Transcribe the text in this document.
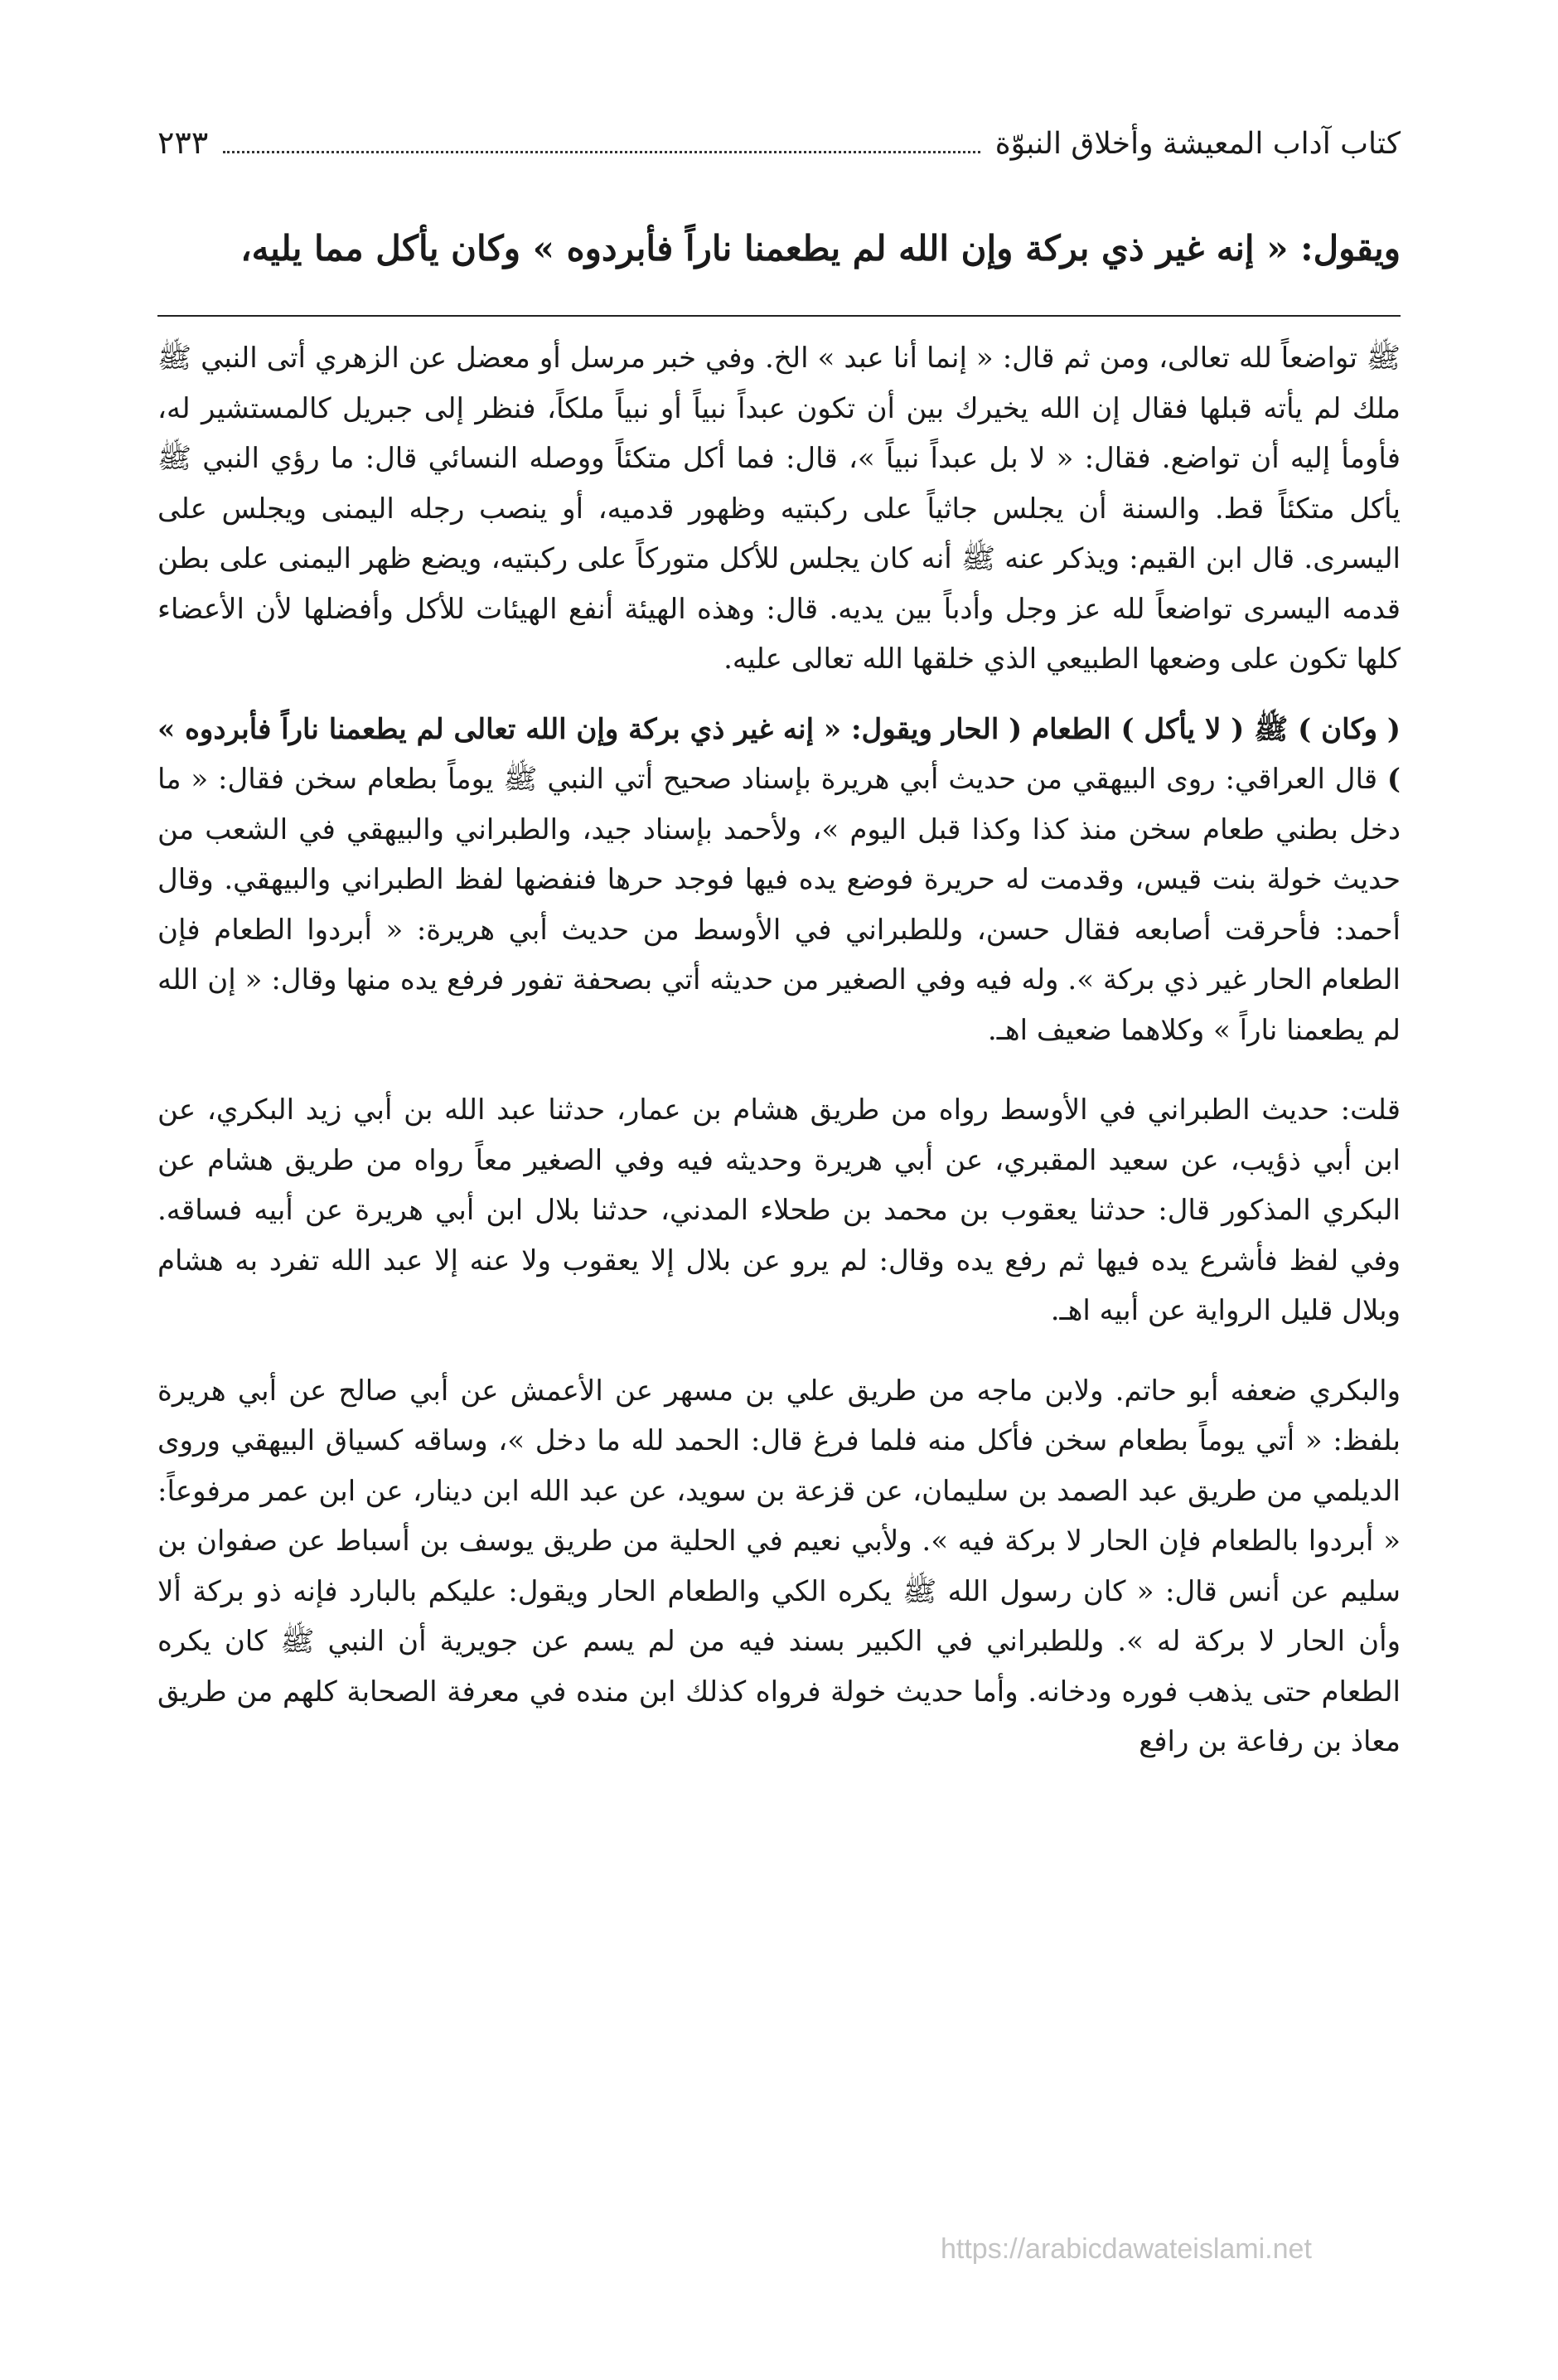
كتاب آداب المعيشة وأخلاق النبوّة
٢٣٣
ويقول: « إنه غير ذي بركة وإن الله لم يطعمنا ناراً فأبردوه » وكان يأكل مما يليه،

ﷺ تواضعاً لله تعالى، ومن ثم قال: « إنما أنا عبد » الخ. وفي خبر مرسل أو معضل عن الزهري أتى النبي ﷺ ملك لم يأته قبلها فقال إن الله يخيرك بين أن تكون عبداً نبياً أو نبياً ملكاً، فنظر إلى جبريل كالمستشير له، فأومأ إليه أن تواضع. فقال: « لا بل عبداً نبياً »، قال: فما أكل متكئاً ووصله النسائي قال: ما رؤي النبي ﷺ يأكل متكئاً قط. والسنة أن يجلس جاثياً على ركبتيه وظهور قدميه، أو ينصب رجله اليمنى ويجلس على اليسرى. قال ابن القيم: ويذكر عنه ﷺ أنه كان يجلس للأكل متوركاً على ركبتيه، ويضع ظهر اليمنى على بطن قدمه اليسرى تواضعاً لله عز وجل وأدباً بين يديه. قال: وهذه الهيئة أنفع الهيئات للأكل وأفضلها لأن الأعضاء كلها تكون على وضعها الطبيعي الذي خلقها الله تعالى عليه.

( وكان ) ﷺ ( لا يأكل ) الطعام ( الحار ويقول: « إنه غير ذي بركة وإن الله تعالى لم يطعمنا ناراً فأبردوه » ) قال العراقي: روى البيهقي من حديث أبي هريرة بإسناد صحيح أتي النبي ﷺ يوماً بطعام سخن فقال: « ما دخل بطني طعام سخن منذ كذا وكذا قبل اليوم »، ولأحمد بإسناد جيد، والطبراني والبيهقي في الشعب من حديث خولة بنت قيس، وقدمت له حريرة فوضع يده فيها فوجد حرها فنفضها لفظ الطبراني والبيهقي. وقال أحمد: فأحرقت أصابعه فقال حسن، وللطبراني في الأوسط من حديث أبي هريرة: « أبردوا الطعام فإن الطعام الحار غير ذي بركة ». وله فيه وفي الصغير من حديثه أتي بصحفة تفور فرفع يده منها وقال: « إن الله لم يطعمنا ناراً » وكلاهما ضعيف اهـ.

قلت: حديث الطبراني في الأوسط رواه من طريق هشام بن عمار، حدثنا عبد الله بن أبي زيد البكري، عن ابن أبي ذؤيب، عن سعيد المقبري، عن أبي هريرة وحديثه فيه وفي الصغير معاً رواه من طريق هشام عن البكري المذكور قال: حدثنا يعقوب بن محمد بن طحلاء المدني، حدثنا بلال ابن أبي هريرة عن أبيه فساقه. وفي لفظ فأشرع يده فيها ثم رفع يده وقال: لم يرو عن بلال إلا يعقوب ولا عنه إلا عبد الله تفرد به هشام وبلال قليل الرواية عن أبيه اهـ.

والبكري ضعفه أبو حاتم. ولابن ماجه من طريق علي بن مسهر عن الأعمش عن أبي صالح عن أبي هريرة بلفظ: « أتي يوماً بطعام سخن فأكل منه فلما فرغ قال: الحمد لله ما دخل »، وساقه كسياق البيهقي وروى الديلمي من طريق عبد الصمد بن سليمان، عن قزعة بن سويد، عن عبد الله ابن دينار، عن ابن عمر مرفوعاً: « أبردوا بالطعام فإن الحار لا بركة فيه ». ولأبي نعيم في الحلية من طريق يوسف بن أسباط عن صفوان بن سليم عن أنس قال: « كان رسول الله ﷺ يكره الكي والطعام الحار ويقول: عليكم بالبارد فإنه ذو بركة ألا وأن الحار لا بركة له ». وللطبراني في الكبير بسند فيه من لم يسم عن جويرية أن النبي ﷺ كان يكره الطعام حتى يذهب فوره ودخانه. وأما حديث خولة فرواه كذلك ابن منده في معرفة الصحابة كلهم من طريق معاذ بن رفاعة بن رافع

https://arabicdawateislami.net
